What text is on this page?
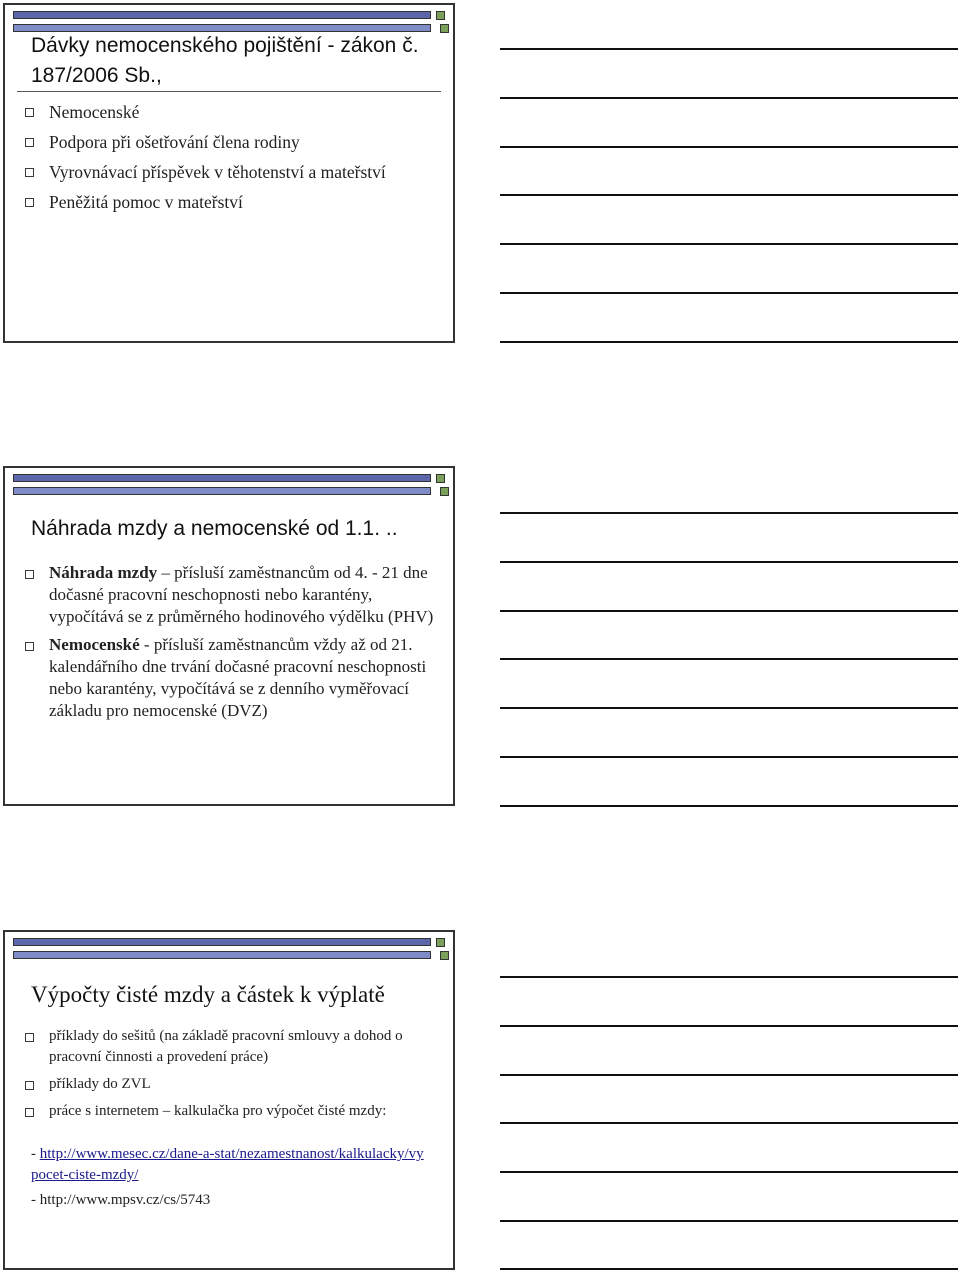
Dávky nemocenského pojištění - zákon č. 187/2006 Sb.,
Nemocenské
Podpora při ošetřování člena rodiny
Vyrovnávací příspěvek v těhotenství a mateřství
Peněžitá pomoc v mateřství
Náhrada mzdy a nemocenské od 1.1. ..
Náhrada mzdy – přísluší zaměstnancům od 4. - 21 dne dočasné pracovní neschopnosti nebo karantény, vypočítává se z průměrného hodinového výdělku (PHV)
Nemocenské - přísluší zaměstnancům vždy až od 21. kalendářního dne trvání dočasné pracovní neschopnosti nebo karantény, vypočítává se z denního vyměřovací základu pro nemocenské (DVZ)
Výpočty čisté mzdy a částek k výplatě
příklady do sešitů (na základě pracovní smlouvy a dohod o pracovní činnosti a provedení práce)
příklady do ZVL
práce s internetem – kalkulačka pro výpočet čisté mzdy:
- http://www.mesec.cz/dane-a-stat/nezamestnanost/kalkulacky/vypocet-ciste-mzdy/
- http://www.mpsv.cz/cs/5743
